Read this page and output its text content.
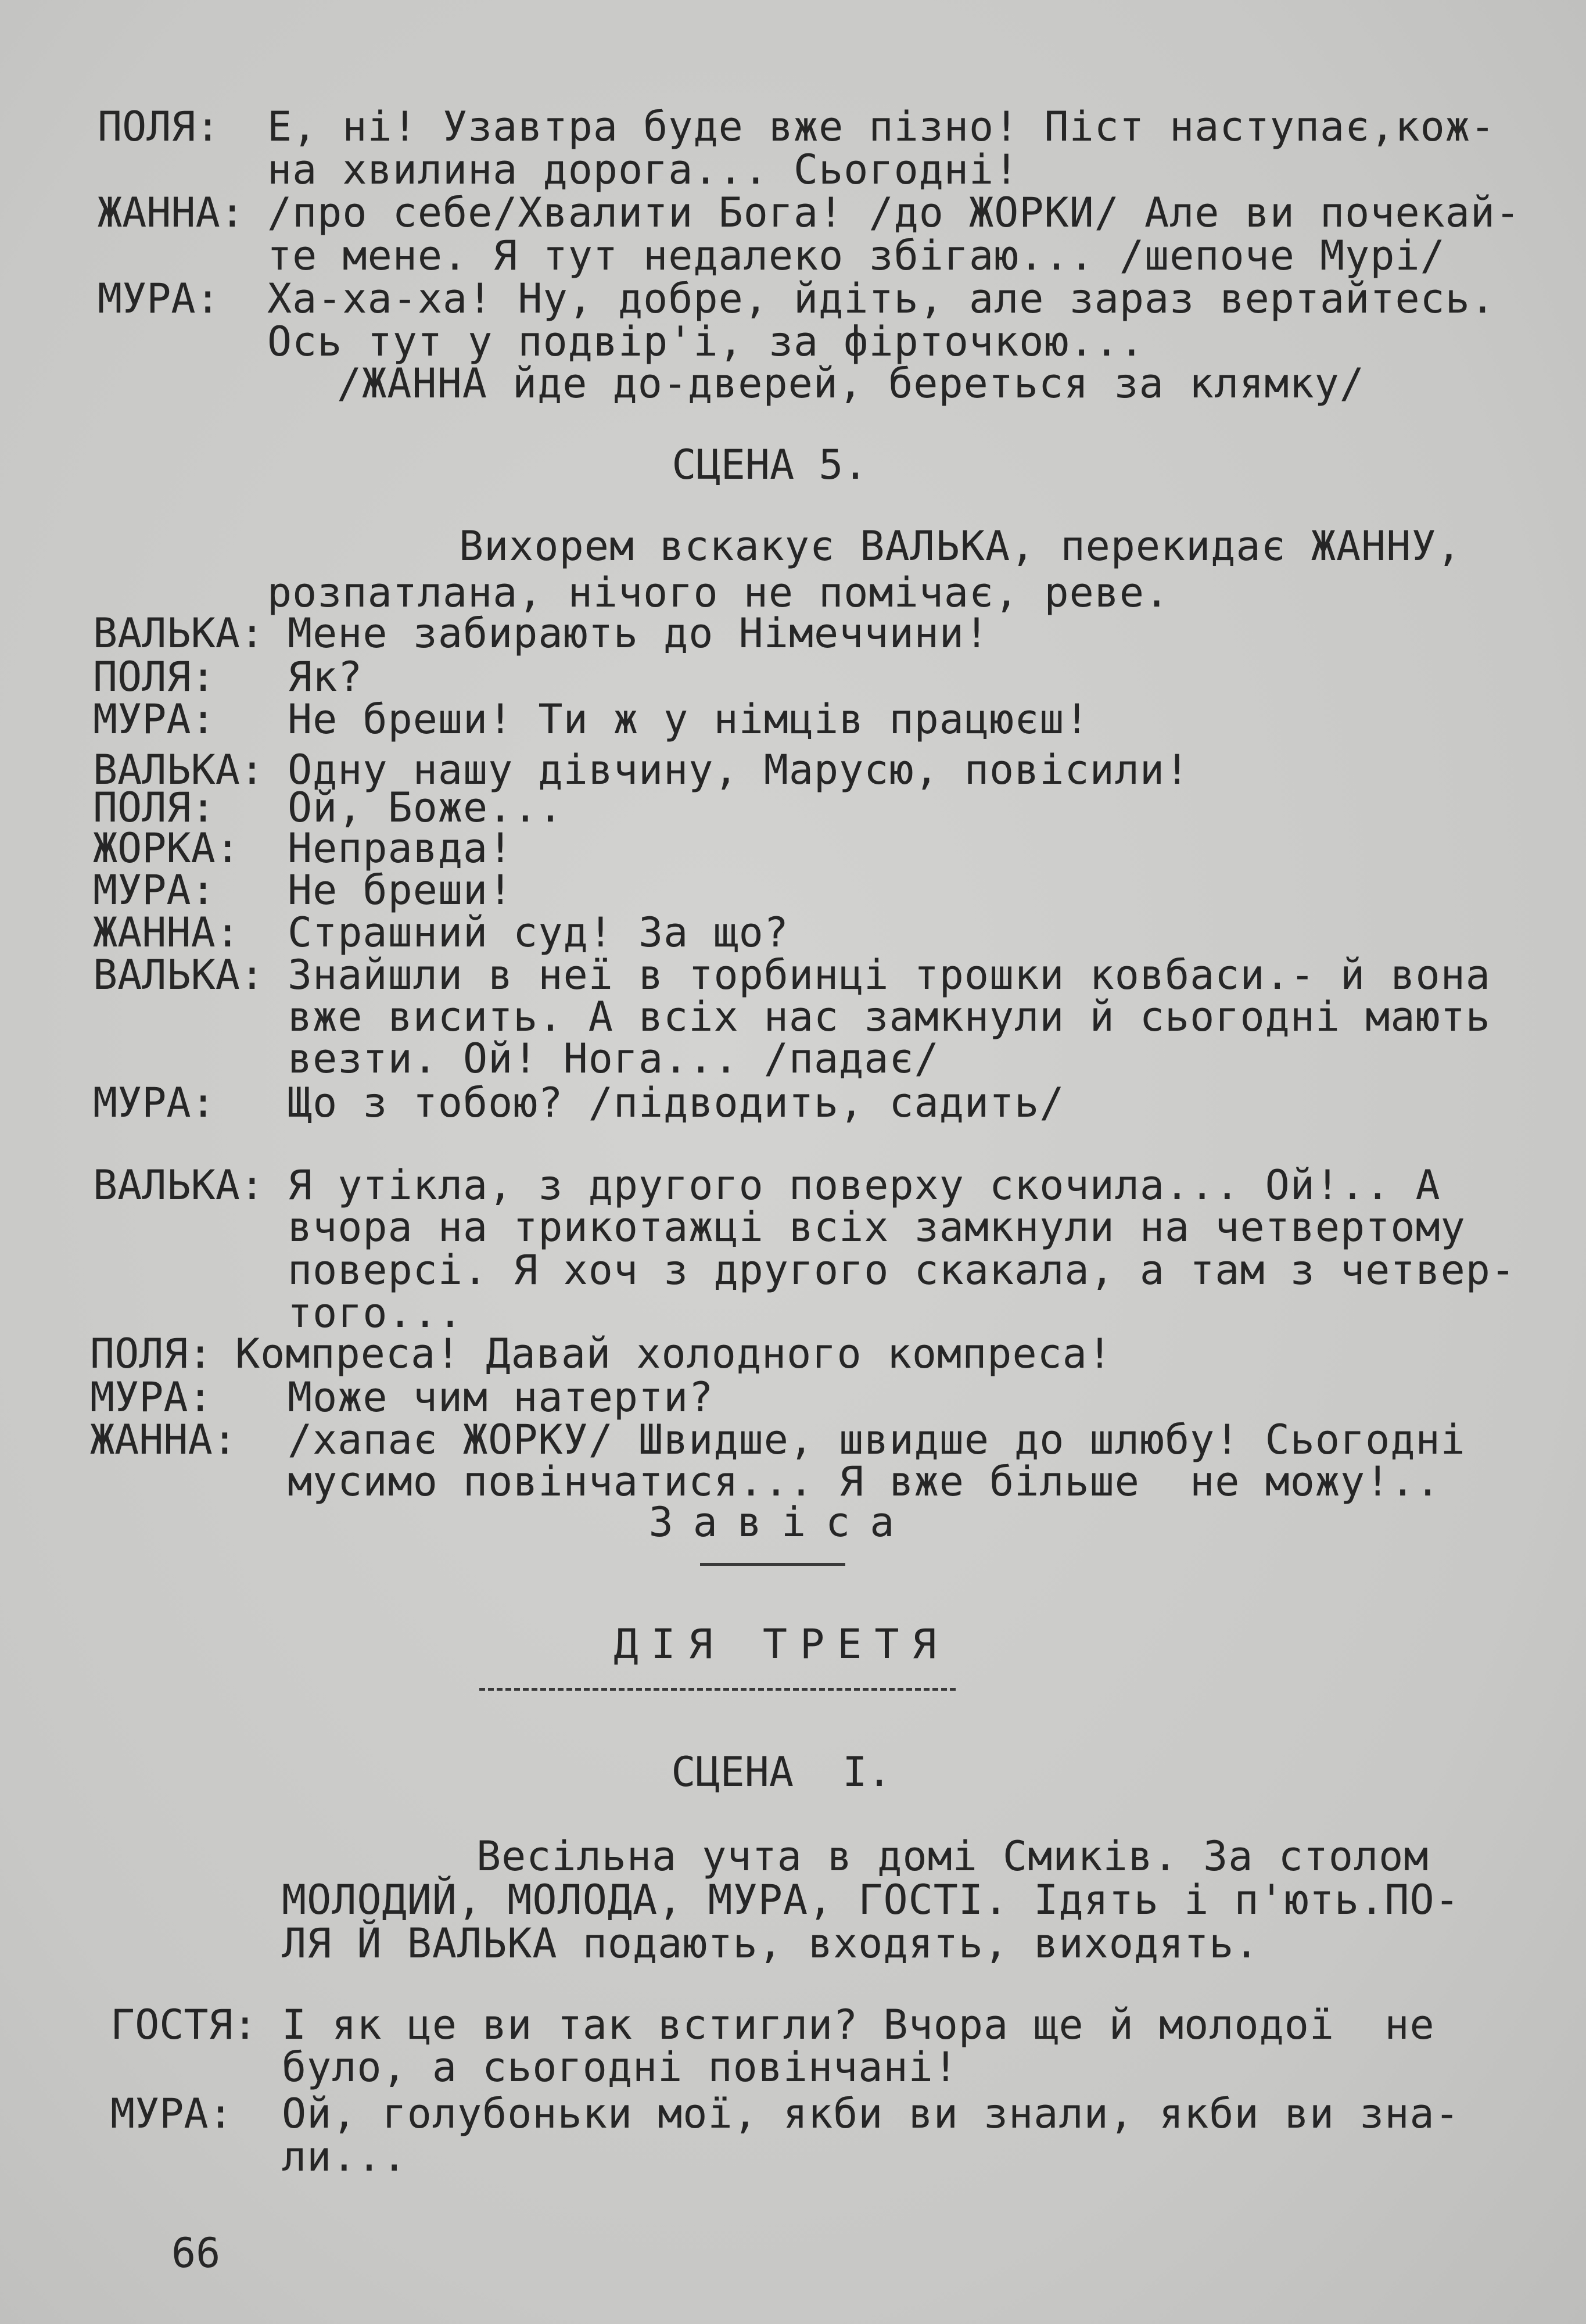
ПОЛЯ: Е, ні! Узавтра буде вже пізно! Піст наступає,кож-
на хвилина дорога... Сьогодні!
ЖАННА: /про себе/Хвалити Бога! /до ЖОРКИ/ Але ви почекай-
те мене. Я тут недалеко збігаю... /шепоче Мурі/
МУРА: Ха-ха-ха! Ну, добре, йдіть, але зараз вертайтесь.
Ось тут у подвір'і, за фірточкою...
/ЖАННА йде до-дверей, береться за клямку/
СЦЕНА 5.
Вихорем вскакує ВАЛЬКА, перекидає ЖАННУ,
розпатлана, нічого не помічає, реве.
ВАЛЬКА: Мене забирають до Німеччини!
ПОЛЯ: Як?
МУРА: Не бреши! Ти ж у німців працюєш!
ВАЛЬКА: Одну нашу дівчину, Марусю, повісили!
ПОЛЯ: Ой, Боже...
ЖОРКА: Неправда!
МУРА: Не бреши!
ЖАННА: Страшний суд! За що?
ВАЛЬКА: Знайшли в неї в торбинці трошки ковбаси.- й вона
вже висить. А всіх нас замкнули й сьогодні мають
везти. Ой! Нога... /падає/
МУРА: Що з тобою? /підводить, садить/
ВАЛЬКА: Я утікла, з другого поверху скочила... Ой!.. А
вчора на трикотажці всіх замкнули на четвертому
поверсі. Я хоч з другого скакала, а там з четвер-
того...
ПОЛЯ: Компреса! Давай холодного компреса!
МУРА: Може чим натерти?
ЖАННА: /хапає ЖОРКУ/ Швидше, швидше до шлюбу! Сьогодні
мусимо повінчатися... Я вже більше  не можу!..
Завіса
ДІЯ ТРЕТЯ
СЦЕНА  І.
Весільна учта в домі Смиків. За столом
МОЛОДИЙ, МОЛОДА, МУРА, ГОСТІ. Ідять і п'ють.ПО-
ЛЯ Й ВАЛЬКА подають, входять, виходять.
ГОСТЯ: І як це ви так встигли? Вчора ще й молодої  не
було, а сьогодні повінчані!
МУРА: Ой, голубоньки мої, якби ви знали, якби ви зна-
ли...
66
